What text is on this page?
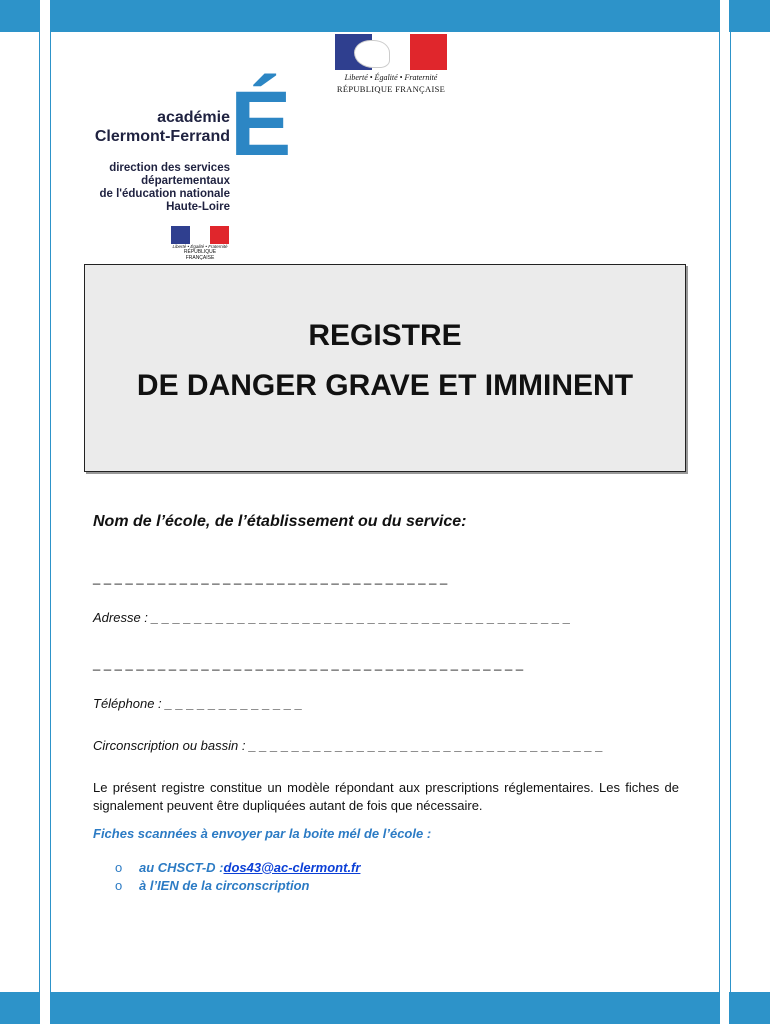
Liberté • Égalité • Fraternité
RÉPUBLIQUE FRANÇAISE
académie
Clermont-Ferrand É
direction des services
départementaux
de l'éducation nationale
Haute-Loire
Liberté • Égalité • Fraternité
RÉPUBLIQUE FRANÇAISE
REGISTRE
DE DANGER GRAVE ET IMMINENT
Nom de l’école, de l’établissement ou du service:
_ _ _ _ _ _ _ _ _ _ _ _ _ _ _ _ _ _ _ _ _ _ _ _ _ _ _ _ _ _ _ _ _
Adresse : _ _ _ _ _ _ _ _ _ _ _ _ _ _ _ _ _ _ _ _ _ _ _ _ _ _ _ _ _ _ _ _ _ _ _ _ _ _ _
_ _ _ _ _ _ _ _ _ _ _ _ _ _ _ _ _ _ _ _ _ _ _ _ _ _ _ _ _ _ _ _ _ _ _ _ _ _ _ _
Téléphone : _ _ _ _ _ _ _ _ _ _ _ _ _
Circonscription ou bassin : _ _ _ _ _ _ _ _ _ _ _ _ _ _ _ _ _ _ _ _ _ _ _ _ _ _ _ _ _ _ _ _ _
Le présent registre constitue un modèle répondant aux prescriptions réglementaires. Les fiches de signalement peuvent être dupliquées autant de fois que nécessaire.
Fiches scannées à envoyer par la boite mél de l’école :
o	au CHSCT-D : dos43@ac-clermont.fr
o	à l’IEN de la circonscription
